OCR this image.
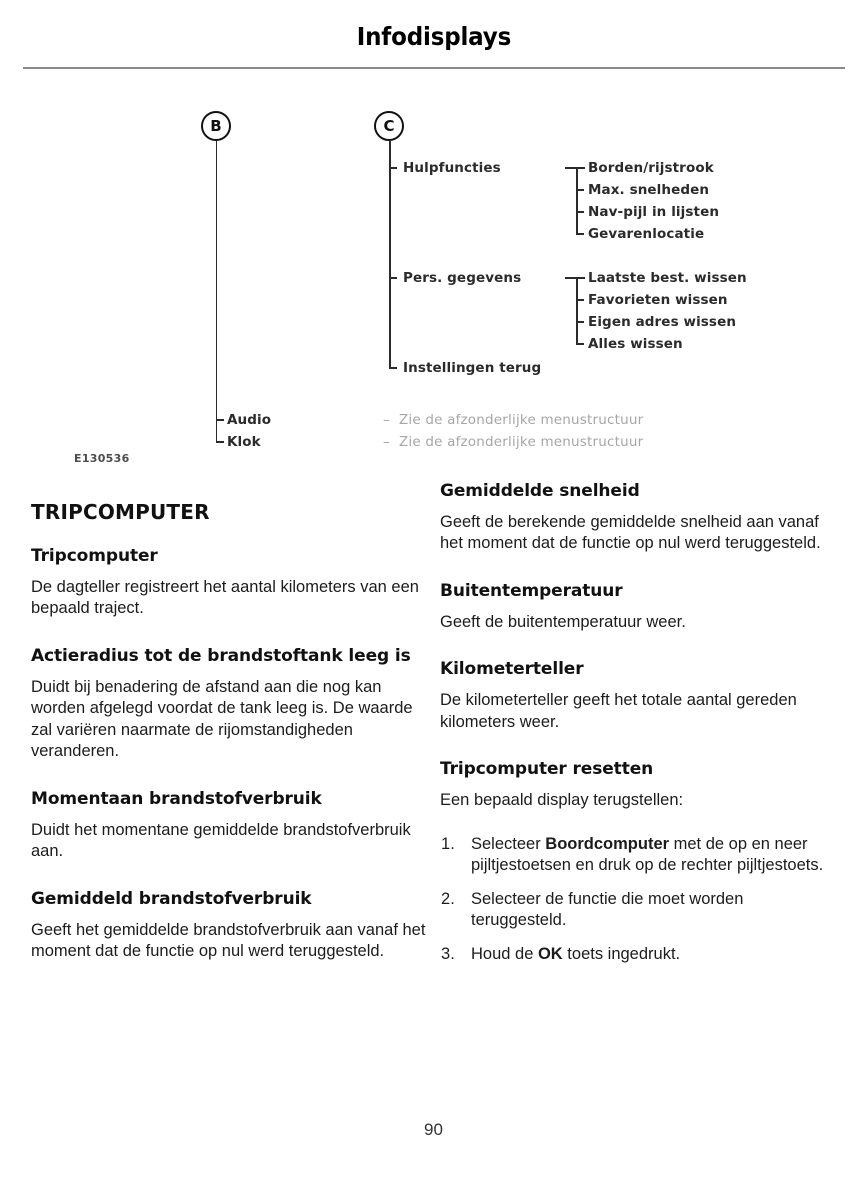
Infodisplays
B
Audio
Klok
–  Zie de afzonderlijke menustructuur
–  Zie de afzonderlijke menustructuur
C
Hulpfuncties
Pers. gegevens
Instellingen terug
Borden/rijstrook
Max. snelheden
Nav-pijl in lijsten
Gevarenlocatie
Laatste best. wissen
Favorieten wissen
Eigen adres wissen
Alles wissen
E130536
TRIPCOMPUTER
Tripcomputer

De dagteller registreert het aantal kilometers van een bepaald traject.

Actieradius tot de brandstoftank leeg is

Duidt bij benadering de afstand aan die nog kan worden afgelegd voordat de tank leeg is. De waarde zal variëren naarmate de rijomstandigheden veranderen.

Momentaan brandstofverbruik

Duidt het momentane gemiddelde brandstofverbruik aan.

Gemiddeld brandstofverbruik

Geeft het gemiddelde brandstofverbruik aan vanaf het moment dat de functie op nul werd teruggesteld.

Gemiddelde snelheid

Geeft de berekende gemiddelde snelheid aan vanaf het moment dat de functie op nul werd teruggesteld.

Buitentemperatuur

Geeft de buitentemperatuur weer.

Kilometerteller

De kilometerteller geeft het totale aantal gereden kilometers weer.

Tripcomputer resetten

Een bepaald display terugstellen:

Selecteer Boordcomputer met de op en neer pijltjestoetsen en druk op de rechter pijltjestoets.
Selecteer de functie die moet worden teruggesteld.
Houd de OK toets ingedrukt.
90
